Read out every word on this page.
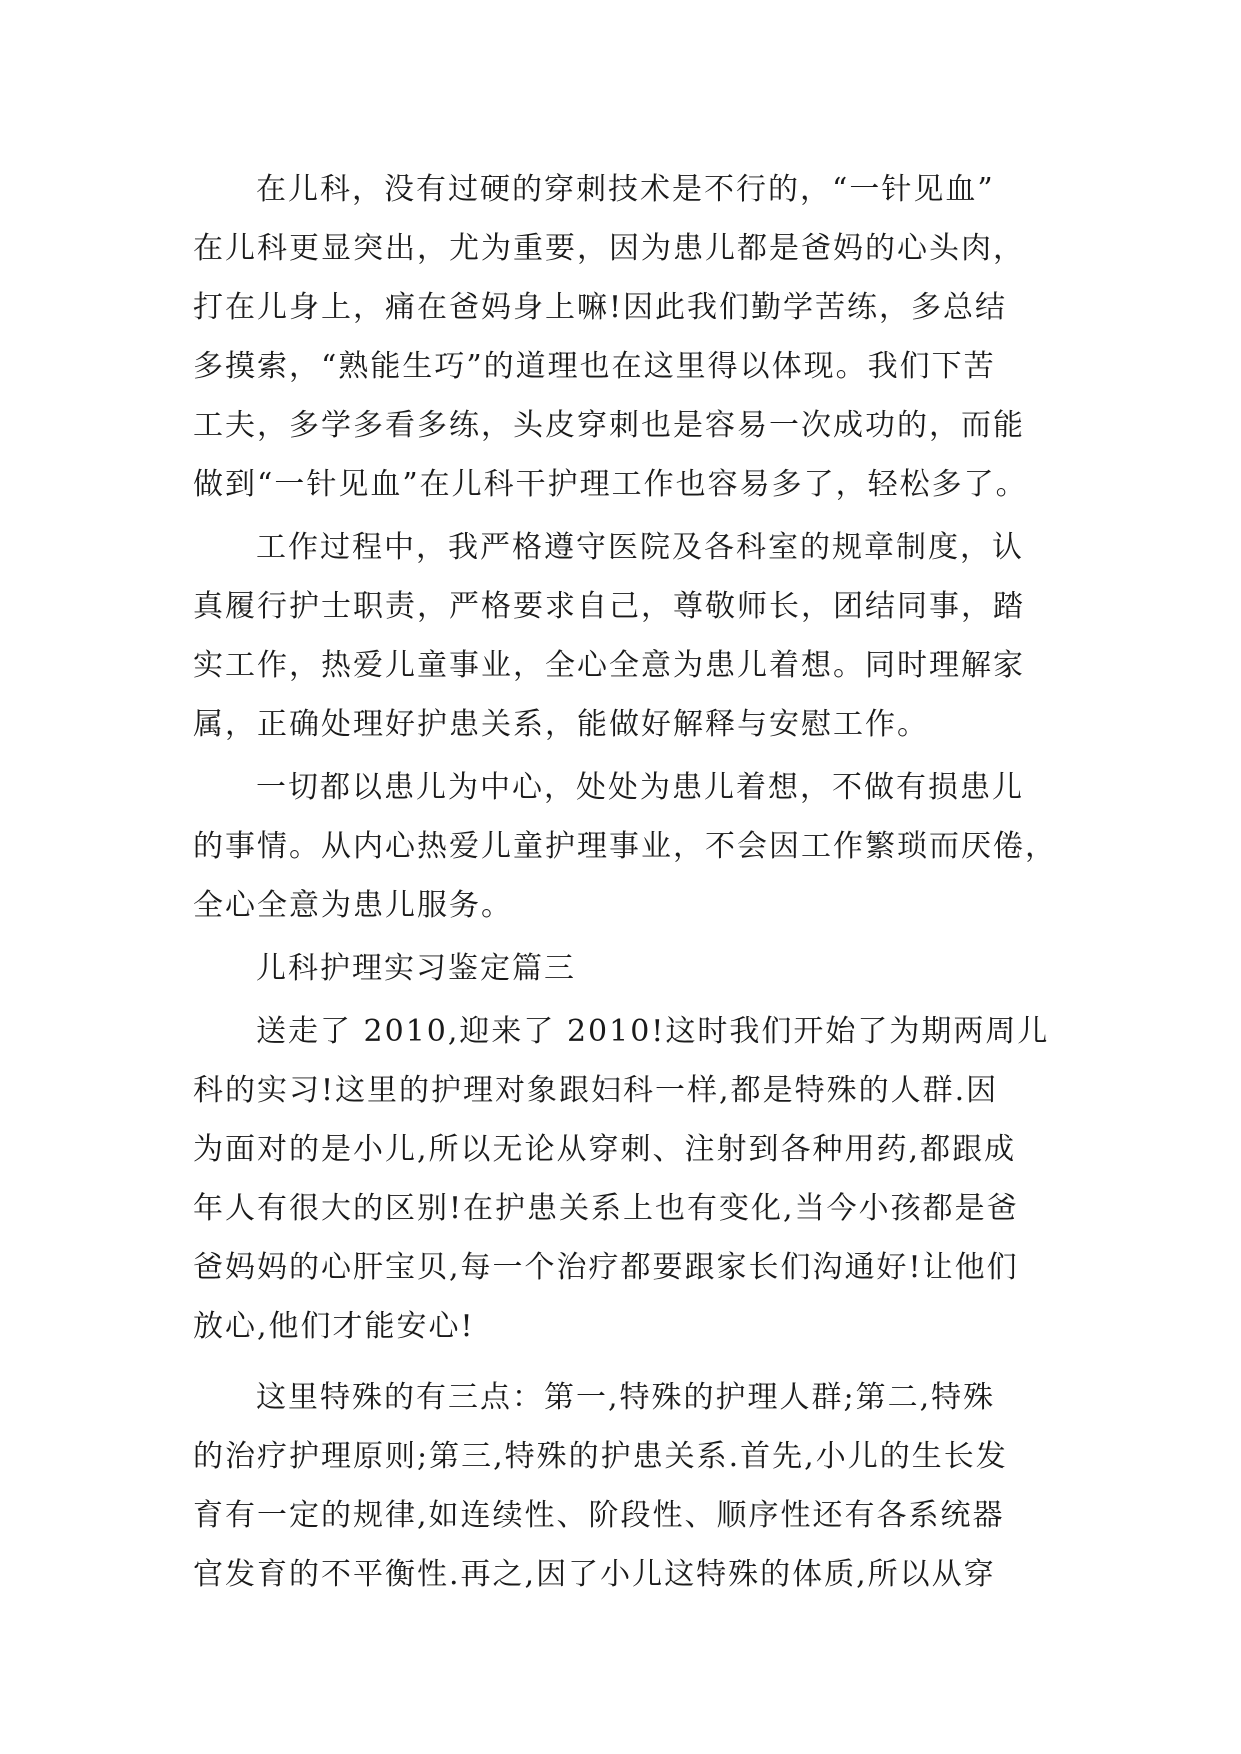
在儿科，没有过硬的穿刺技术是不行的，“一针见血”
在儿科更显突出，尤为重要，因为患儿都是爸妈的心头肉，
打在儿身上，痛在爸妈身上嘛!因此我们勤学苦练，多总结
多摸索，“熟能生巧”的道理也在这里得以体现。我们下苦
工夫，多学多看多练，头皮穿刺也是容易一次成功的，而能
做到“一针见血”在儿科干护理工作也容易多了，轻松多了。

工作过程中，我严格遵守医院及各科室的规章制度，认
真履行护士职责，严格要求自己，尊敬师长，团结同事，踏
实工作，热爱儿童事业，全心全意为患儿着想。同时理解家
属，正确处理好护患关系，能做好解释与安慰工作。

一切都以患儿为中心，处处为患儿着想，不做有损患儿
的事情。从内心热爱儿童护理事业，不会因工作繁琐而厌倦，
全心全意为患儿服务。

儿科护理实习鉴定篇三

送走了 2010,迎来了 2010!这时我们开始了为期两周儿
科的实习!这里的护理对象跟妇科一样,都是特殊的人群.因
为面对的是小儿,所以无论从穿刺、注射到各种用药,都跟成
年人有很大的区别!在护患关系上也有变化,当今小孩都是爸
爸妈妈的心肝宝贝,每一个治疗都要跟家长们沟通好!让他们
放心,他们才能安心!

这里特殊的有三点：第一,特殊的护理人群;第二,特殊
的治疗护理原则;第三,特殊的护患关系.首先,小儿的生长发
育有一定的规律,如连续性、阶段性、顺序性还有各系统器
官发育的不平衡性.再之,因了小儿这特殊的体质,所以从穿
